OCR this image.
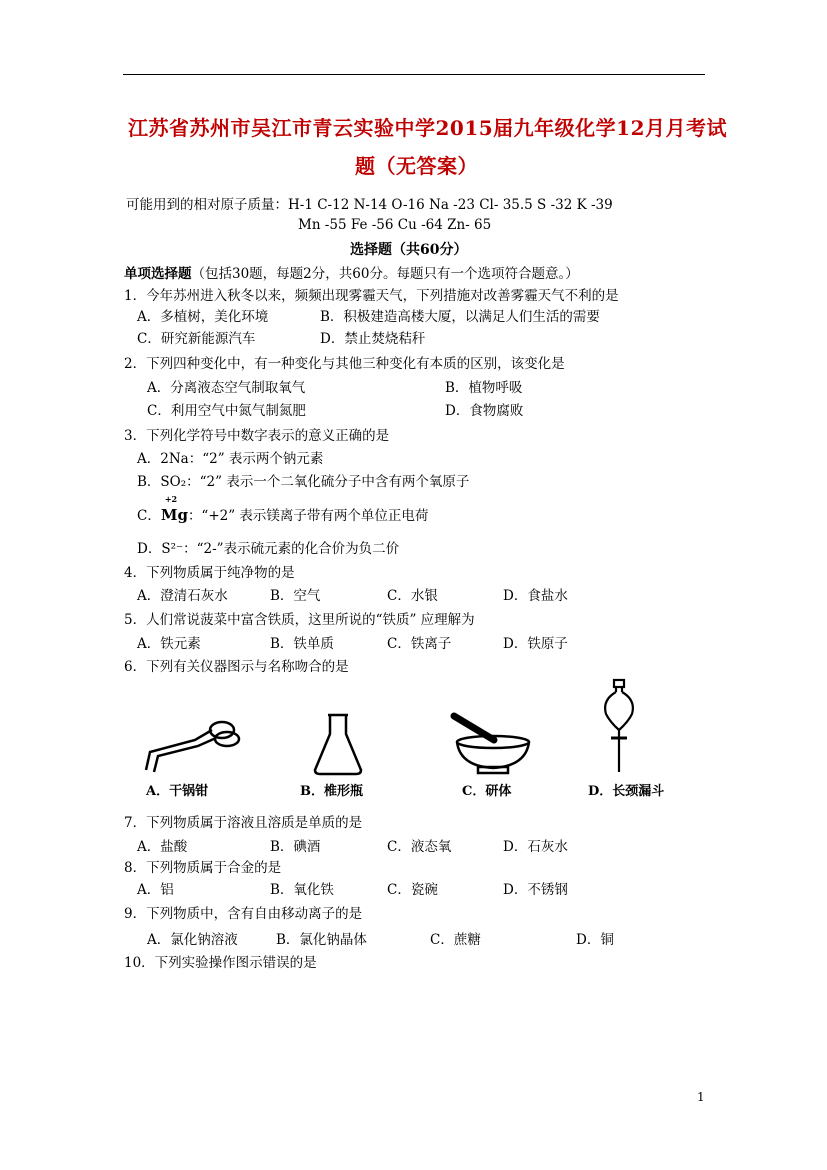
江苏省苏州市吴江市青云实验中学2015届九年级化学12月月考试
题（无答案）
可能用到的相对原子质量：H-1 C-12 N-14 O-16 Na -23 Cl- 35.5 S -32 K -39
Mn -55 Fe -56 Cu -64 Zn- 65
选择题（共60分）
单项选择题（包括30题，每题2分，共60分。每题只有一个选项符合题意。）
1．今年苏州进入秋冬以来，频频出现雾霾天气，下列措施对改善雾霾天气不利的是
A．多植树，美化环境	B．积极建造高楼大厦，以满足人们生活的需要
C．研究新能源汽车	D．禁止焚烧秸秆
2．下列四种变化中，有一种变化与其他三种变化有本质的区别，该变化是
A．分离液态空气制取氧气	B．植物呼吸
C．利用空气中氮气制氮肥	D．食物腐败
3．下列化学符号中数字表示的意义正确的是
A．2Na：“2” 表示两个钠元素
B．SO₂：“2” 表示一个二氧化硫分子中含有两个氧原子
C．
+2
Mg：“+2” 表示镁离子带有两个单位正电荷
D．S²⁻：“2-”表示硫元素的化合价为负二价
4．下列物质属于纯净物的是
A．澄清石灰水	B．空气	C．水银	D．食盐水
5．人们常说菠菜中富含铁质，这里所说的“铁质” 应理解为
A．铁元素	B．铁单质	C．铁离子	D．铁原子
6．下列有关仪器图示与名称吻合的是
A．干锅钳	B．椎形瓶	C．研体	D．长颈漏斗
7．下列物质属于溶液且溶质是单质的是
A．盐酸	B．碘酒	C．液态氧	D．石灰水
8．下列物质属于合金的是
A．铝	B．氧化铁	C．瓷碗	D．不锈钢
9．下列物质中，含有自由移动离子的是
A．氯化钠溶液	B．氯化钠晶体	C．蔗糖	D．铜
10．下列实验操作图示错误的是
1
